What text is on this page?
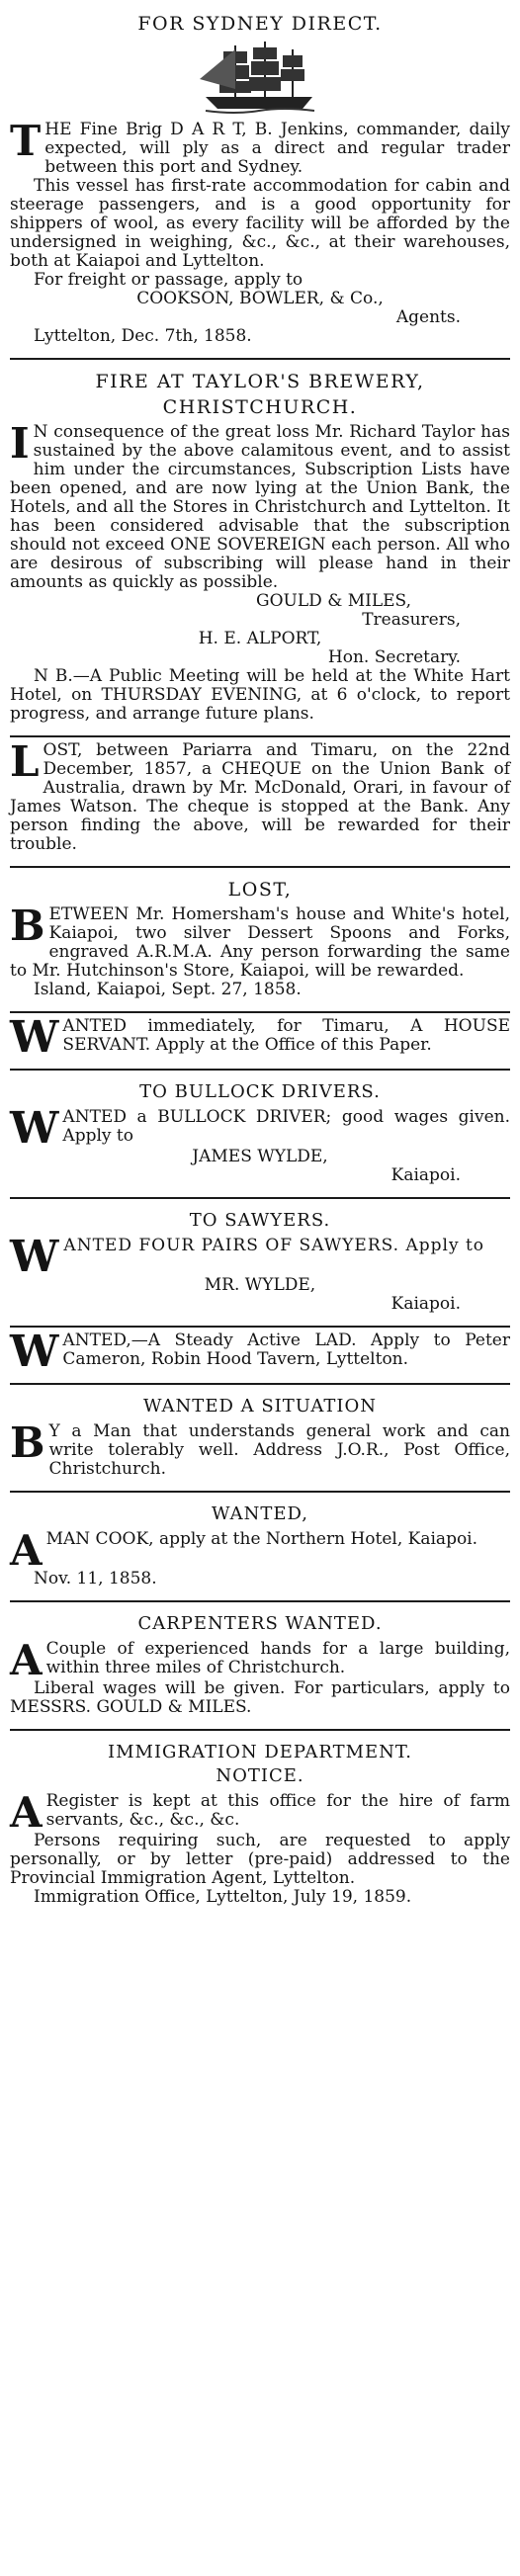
FOR SYDNEY DIRECT.

THE Fine Brig D A R T, B. Jenkins, commander, daily expected, will ply as a direct and regular trader between this port and Sydney.

This vessel has first-rate accommodation for cabin and steerage passengers, and is a good opportunity for shippers of wool, as every facility will be afforded by the undersigned in weighing, &c., &c., at their warehouses, both at Kaiapoi and Lyttelton.

For freight or passage, apply to

COOKSON, BOWLER, & Co.,

Agents.

Lyttelton, Dec. 7th, 1858.

FIRE AT TAYLOR'S BREWERY,
CHRISTCHURCH.

I N consequence of the great loss Mr. Richard Taylor has sustained by the above calamitous event, and to assist him under the circumstances, Subscription Lists have been opened, and are now lying at the Union Bank, the Hotels, and all the Stores in Christchurch and Lyttelton. It has been considered advisable that the subscription should not exceed ONE SOVEREIGN each person. All who are desirous of subscribing will please hand in their amounts as quickly as possible.

GOULD & MILES,

Treasurers,

H. E. ALPORT,

Hon. Secretary.

N B.—A Public Meeting will be held at the White Hart Hotel, on THURSDAY EVENING, at 6 o'clock, to report progress, and arrange future plans.

LOST, between Pariarra and Timaru, on the 22nd December, 1857, a CHEQUE on the Union Bank of Australia, drawn by Mr. McDonald, Orari, in favour of James Watson. The cheque is stopped at the Bank. Any person finding the above, will be rewarded for their trouble.

LOST,

BETWEEN Mr. Homersham's house and White's hotel, Kaiapoi, two silver Dessert Spoons and Forks, engraved A.R.M.A. Any person forwarding the same to Mr. Hutchinson's Store, Kaiapoi, will be rewarded.

Island, Kaiapoi, Sept. 27, 1858.

WANTED immediately, for Timaru, A HOUSE SERVANT. Apply at the Office of this Paper.

TO BULLOCK DRIVERS.

WANTED a BULLOCK DRIVER; good wages given. Apply to

JAMES WYLDE,

Kaiapoi.

TO SAWYERS.

WANTED FOUR PAIRS OF SAWYERS. Apply to

MR. WYLDE,

Kaiapoi.

WANTED,—A Steady Active LAD. Apply to Peter Cameron, Robin Hood Tavern, Lyttelton.

WANTED A SITUATION

B Y a Man that understands general work and can write tolerably well. Address J.O.R., Post Office, Christchurch.

WANTED,

AMAN COOK, apply at the Northern Hotel, Kaiapoi.

Nov. 11, 1858.

CARPENTERS WANTED.

A Couple of experienced hands for a large building, within three miles of Christchurch.

Liberal wages will be given. For particulars, apply to MESSRS. GOULD & MILES.

IMMIGRATION DEPARTMENT.
NOTICE.

A Register is kept at this office for the hire of farm servants, &c., &c., &c.

Persons requiring such, are requested to apply personally, or by letter (pre-paid) addressed to the Provincial Immigration Agent, Lyttelton.

Immigration Office, Lyttelton, July 19, 1859.
